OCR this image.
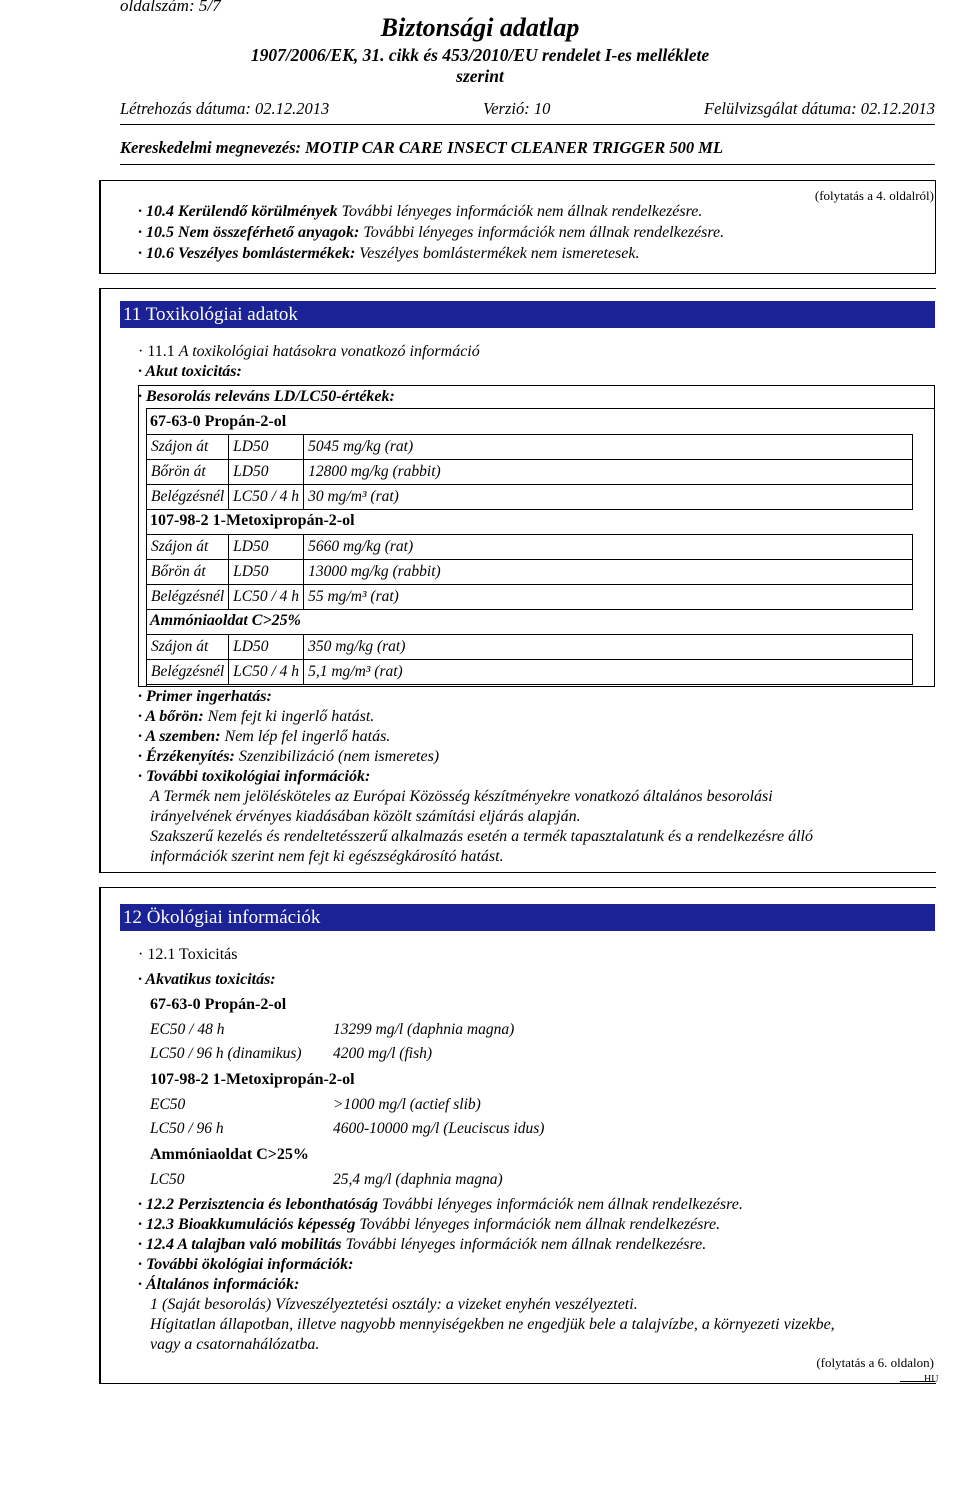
oldalszám: 5/7
Biztonsági adatlap
1907/2006/EK, 31. cikk és 453/2010/EU rendelet I-es melléklete
szerint
Létrehozás dátuma: 02.12.2013	Verzió: 10	Felülvizsgálat dátuma: 02.12.2013
Kereskedelmi megnevezés: MOTIP CAR CARE INSECT CLEANER TRIGGER 500 ML
(folytatás a 4. oldalról)
· 10.4 Kerülendő körülmények További lényeges információk nem állnak rendelkezésre.
· 10.5 Nem összeférhető anyagok: További lényeges információk nem állnak rendelkezésre.
· 10.6 Veszélyes bomlástermékek: Veszélyes bomlástermékek nem ismeretesek.
11 Toxikológiai adatok
· 11.1 A toxikológiai hatásokra vonatkozó információ
· Akut toxicitás:
· Besorolás releváns LD/LC50-értékek:
67-63-0 Propán-2-ol
Szájon át	LD50	5045 mg/kg (rat)
Bőrön át	LD50	12800 mg/kg (rabbit)
Belégzésnél	LC50 / 4 h	30 mg/m³ (rat)
107-98-2 1-Metoxipropán-2-ol
Szájon át	LD50	5660 mg/kg (rat)
Bőrön át	LD50	13000 mg/kg (rabbit)
Belégzésnél	LC50 / 4 h	55 mg/m³ (rat)
Ammóniaoldat C>25%
Szájon át	LD50	350 mg/kg (rat)
Belégzésnél	LC50 / 4 h	5,1 mg/m³ (rat)
· Primer ingerhatás:
· A bőrön: Nem fejt ki ingerlő hatást.
· A szemben: Nem lép fel ingerlő hatás.
· Érzékenyítés: Szenzibilizáció (nem ismeretes)
· További toxikológiai információk:
A Termék nem jelölésköteles az Európai Közösség készítményekre vonatkozó általános besorolási
irányelvének érvényes kiadásában közölt számítási eljárás alapján.
Szakszerű kezelés és rendeltetésszerű alkalmazás esetén a termék tapasztalatunk és a rendelkezésre álló
információk szerint nem fejt ki egészségkárosító hatást.
12 Ökológiai információk
· 12.1 Toxicitás
· Akvatikus toxicitás:
67-63-0 Propán-2-ol
EC50 / 48 h	13299 mg/l (daphnia magna)
LC50 / 96 h (dinamikus)	4200 mg/l (fish)
107-98-2 1-Metoxipropán-2-ol
EC50	>1000 mg/l (actief slib)
LC50 / 96 h	4600-10000 mg/l (Leuciscus idus)
Ammóniaoldat C>25%
LC50	25,4 mg/l (daphnia magna)
· 12.2 Perzisztencia és lebonthatóság További lényeges információk nem állnak rendelkezésre.
· 12.3 Bioakkumulációs képesség További lényeges információk nem állnak rendelkezésre.
· 12.4 A talajban való mobilitás További lényeges információk nem állnak rendelkezésre.
· További ökológiai információk:
· Általános információk:
1 (Saját besorolás) Vízveszélyeztetési osztály: a vizeket enyhén veszélyezteti.
Hígitatlan állapotban, illetve nagyobb mennyiségekben ne engedjük bele a talajvízbe, a környezeti vizekbe,
vagy a csatornahálózatba.
(folytatás a 6. oldalon)
HU
